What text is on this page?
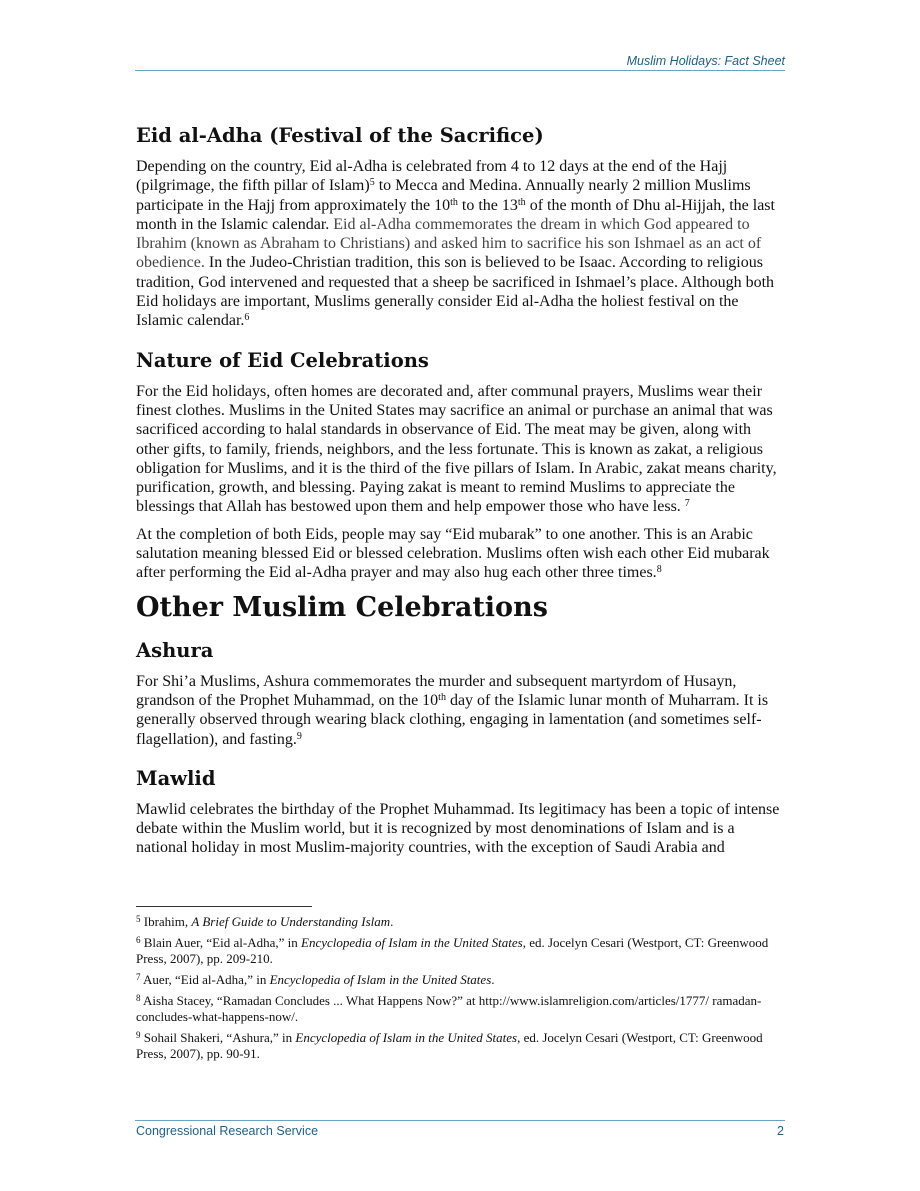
Muslim Holidays: Fact Sheet
Eid al-Adha (Festival of the Sacrifice)

Depending on the country, Eid al-Adha is celebrated from 4 to 12 days at the end of the Hajj (pilgrimage, the fifth pillar of Islam)$^5$ to Mecca and Medina. Annually nearly 2 million Muslims participate in the Hajj from approximately the 10th to the 13th of the month of Dhu al-Hijjah, the last month in the Islamic calendar. Eid al-Adha commemorates the dream in which God appeared to Ibrahim (known as Abraham to Christians) and asked him to sacrifice his son Ishmael as an act of obedience. In the Judeo-Christian tradition, this son is believed to be Isaac. According to religious tradition, God intervened and requested that a sheep be sacrificed in Ishmael’s place. Although both Eid holidays are important, Muslims generally consider Eid al-Adha the holiest festival on the Islamic calendar.$^6$

Nature of Eid Celebrations

For the Eid holidays, often homes are decorated and, after communal prayers, Muslims wear their finest clothes. Muslims in the United States may sacrifice an animal or purchase an animal that was sacrificed according to halal standards in observance of Eid. The meat may be given, along with other gifts, to family, friends, neighbors, and the less fortunate. This is known as zakat, a religious obligation for Muslims, and it is the third of the five pillars of Islam. In Arabic, zakat means charity, purification, growth, and blessing. Paying zakat is meant to remind Muslims to appreciate the blessings that Allah has bestowed upon them and help empower those who have less. $^7$

At the completion of both Eids, people may say “Eid mubarak” to one another. This is an Arabic salutation meaning blessed Eid or blessed celebration. Muslims often wish each other Eid mubarak after performing the Eid al-Adha prayer and may also hug each other three times.$^8$

Other Muslim Celebrations
Ashura

For Shi’a Muslims, Ashura commemorates the murder and subsequent martyrdom of Husayn, grandson of the Prophet Muhammad, on the 10th day of the Islamic lunar month of Muharram. It is generally observed through wearing black clothing, engaging in lamentation (and sometimes self-flagellation), and fasting.$^9$

Mawlid

Mawlid celebrates the birthday of the Prophet Muhammad. Its legitimacy has been a topic of intense debate within the Muslim world, but it is recognized by most denominations of Islam and is a national holiday in most Muslim-majority countries, with the exception of Saudi Arabia and

$^5$ Ibrahim, A Brief Guide to Understanding Islam.
$^6$ Blain Auer, “Eid al-Adha,” in Encyclopedia of Islam in the United States, ed. Jocelyn Cesari (Westport, CT: Greenwood Press, 2007), pp. 209-210.
$^7$ Auer, “Eid al-Adha,” in Encyclopedia of Islam in the United States.
$^8$ Aisha Stacey, “Ramadan Concludes ... What Happens Now?” at http://www.islamreligion.com/articles/1777/ ramadan-concludes-what-happens-now/.
$^9$ Sohail Shakeri, “Ashura,” in Encyclopedia of Islam in the United States, ed. Jocelyn Cesari (Westport, CT: Greenwood Press, 2007), pp. 90-91.
Congressional Research Service	2
